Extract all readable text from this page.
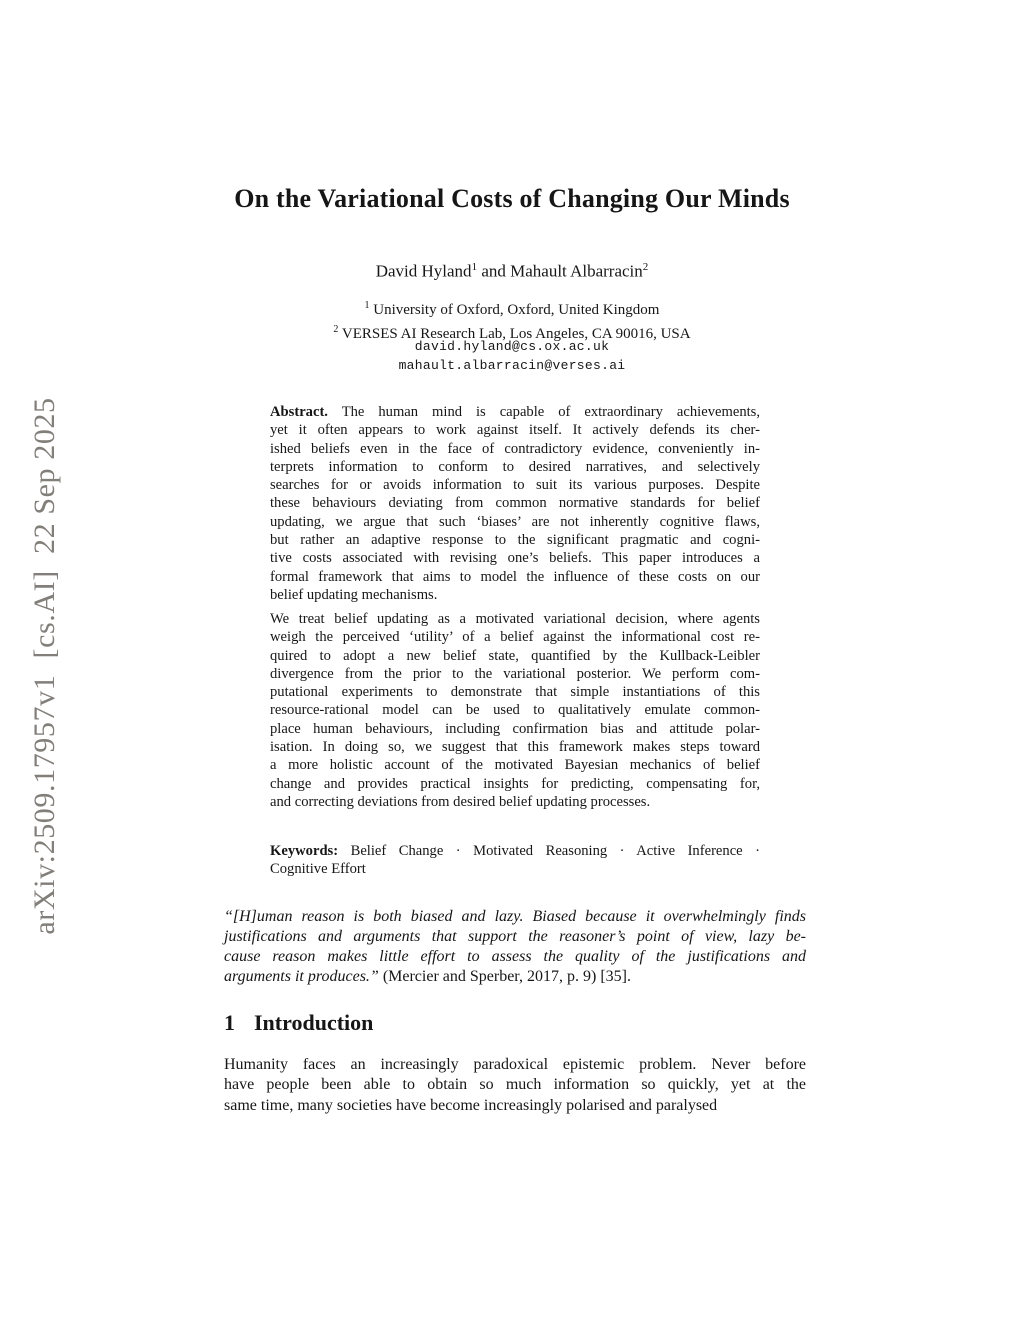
arXiv:2509.17957v1  [cs.AI]  22 Sep 2025
On the Variational Costs of Changing Our Minds
David Hyland$^1$ and Mahault Albarracin$^2$
$^1$ University of Oxford, Oxford, United Kingdom
$^2$ VERSES AI Research Lab, Los Angeles, CA 90016, USA
david.hyland@cs.ox.ac.uk
mahault.albarracin@verses.ai
Abstract. The human mind is capable of extraordinary achievements,
yet it often appears to work against itself. It actively defends its cher-
ished beliefs even in the face of contradictory evidence, conveniently in-
terprets information to conform to desired narratives, and selectively
searches for or avoids information to suit its various purposes. Despite
these behaviours deviating from common normative standards for belief
updating, we argue that such ‘biases’ are not inherently cognitive flaws,
but rather an adaptive response to the significant pragmatic and cogni-
tive costs associated with revising one’s beliefs. This paper introduces a
formal framework that aims to model the influence of these costs on our
belief updating mechanisms.
We treat belief updating as a motivated variational decision, where agents
weigh the perceived ‘utility’ of a belief against the informational cost re-
quired to adopt a new belief state, quantified by the Kullback-Leibler
divergence from the prior to the variational posterior. We perform com-
putational experiments to demonstrate that simple instantiations of this
resource-rational model can be used to qualitatively emulate common-
place human behaviours, including confirmation bias and attitude polar-
isation. In doing so, we suggest that this framework makes steps toward
a more holistic account of the motivated Bayesian mechanics of belief
change and provides practical insights for predicting, compensating for,
and correcting deviations from desired belief updating processes.
Keywords: Belief Change · Motivated Reasoning · Active Inference ·
Cognitive Effort
“[H]uman reason is both biased and lazy. Biased because it overwhelmingly finds
justifications and arguments that support the reasoner’s point of view, lazy be-
cause reason makes little effort to assess the quality of the justifications and
arguments it produces.” (Mercier and Sperber, 2017, p. 9) [35].
1 Introduction
Humanity faces an increasingly paradoxical epistemic problem. Never before
have people been able to obtain so much information so quickly, yet at the
same time, many societies have become increasingly polarised and paralysed
